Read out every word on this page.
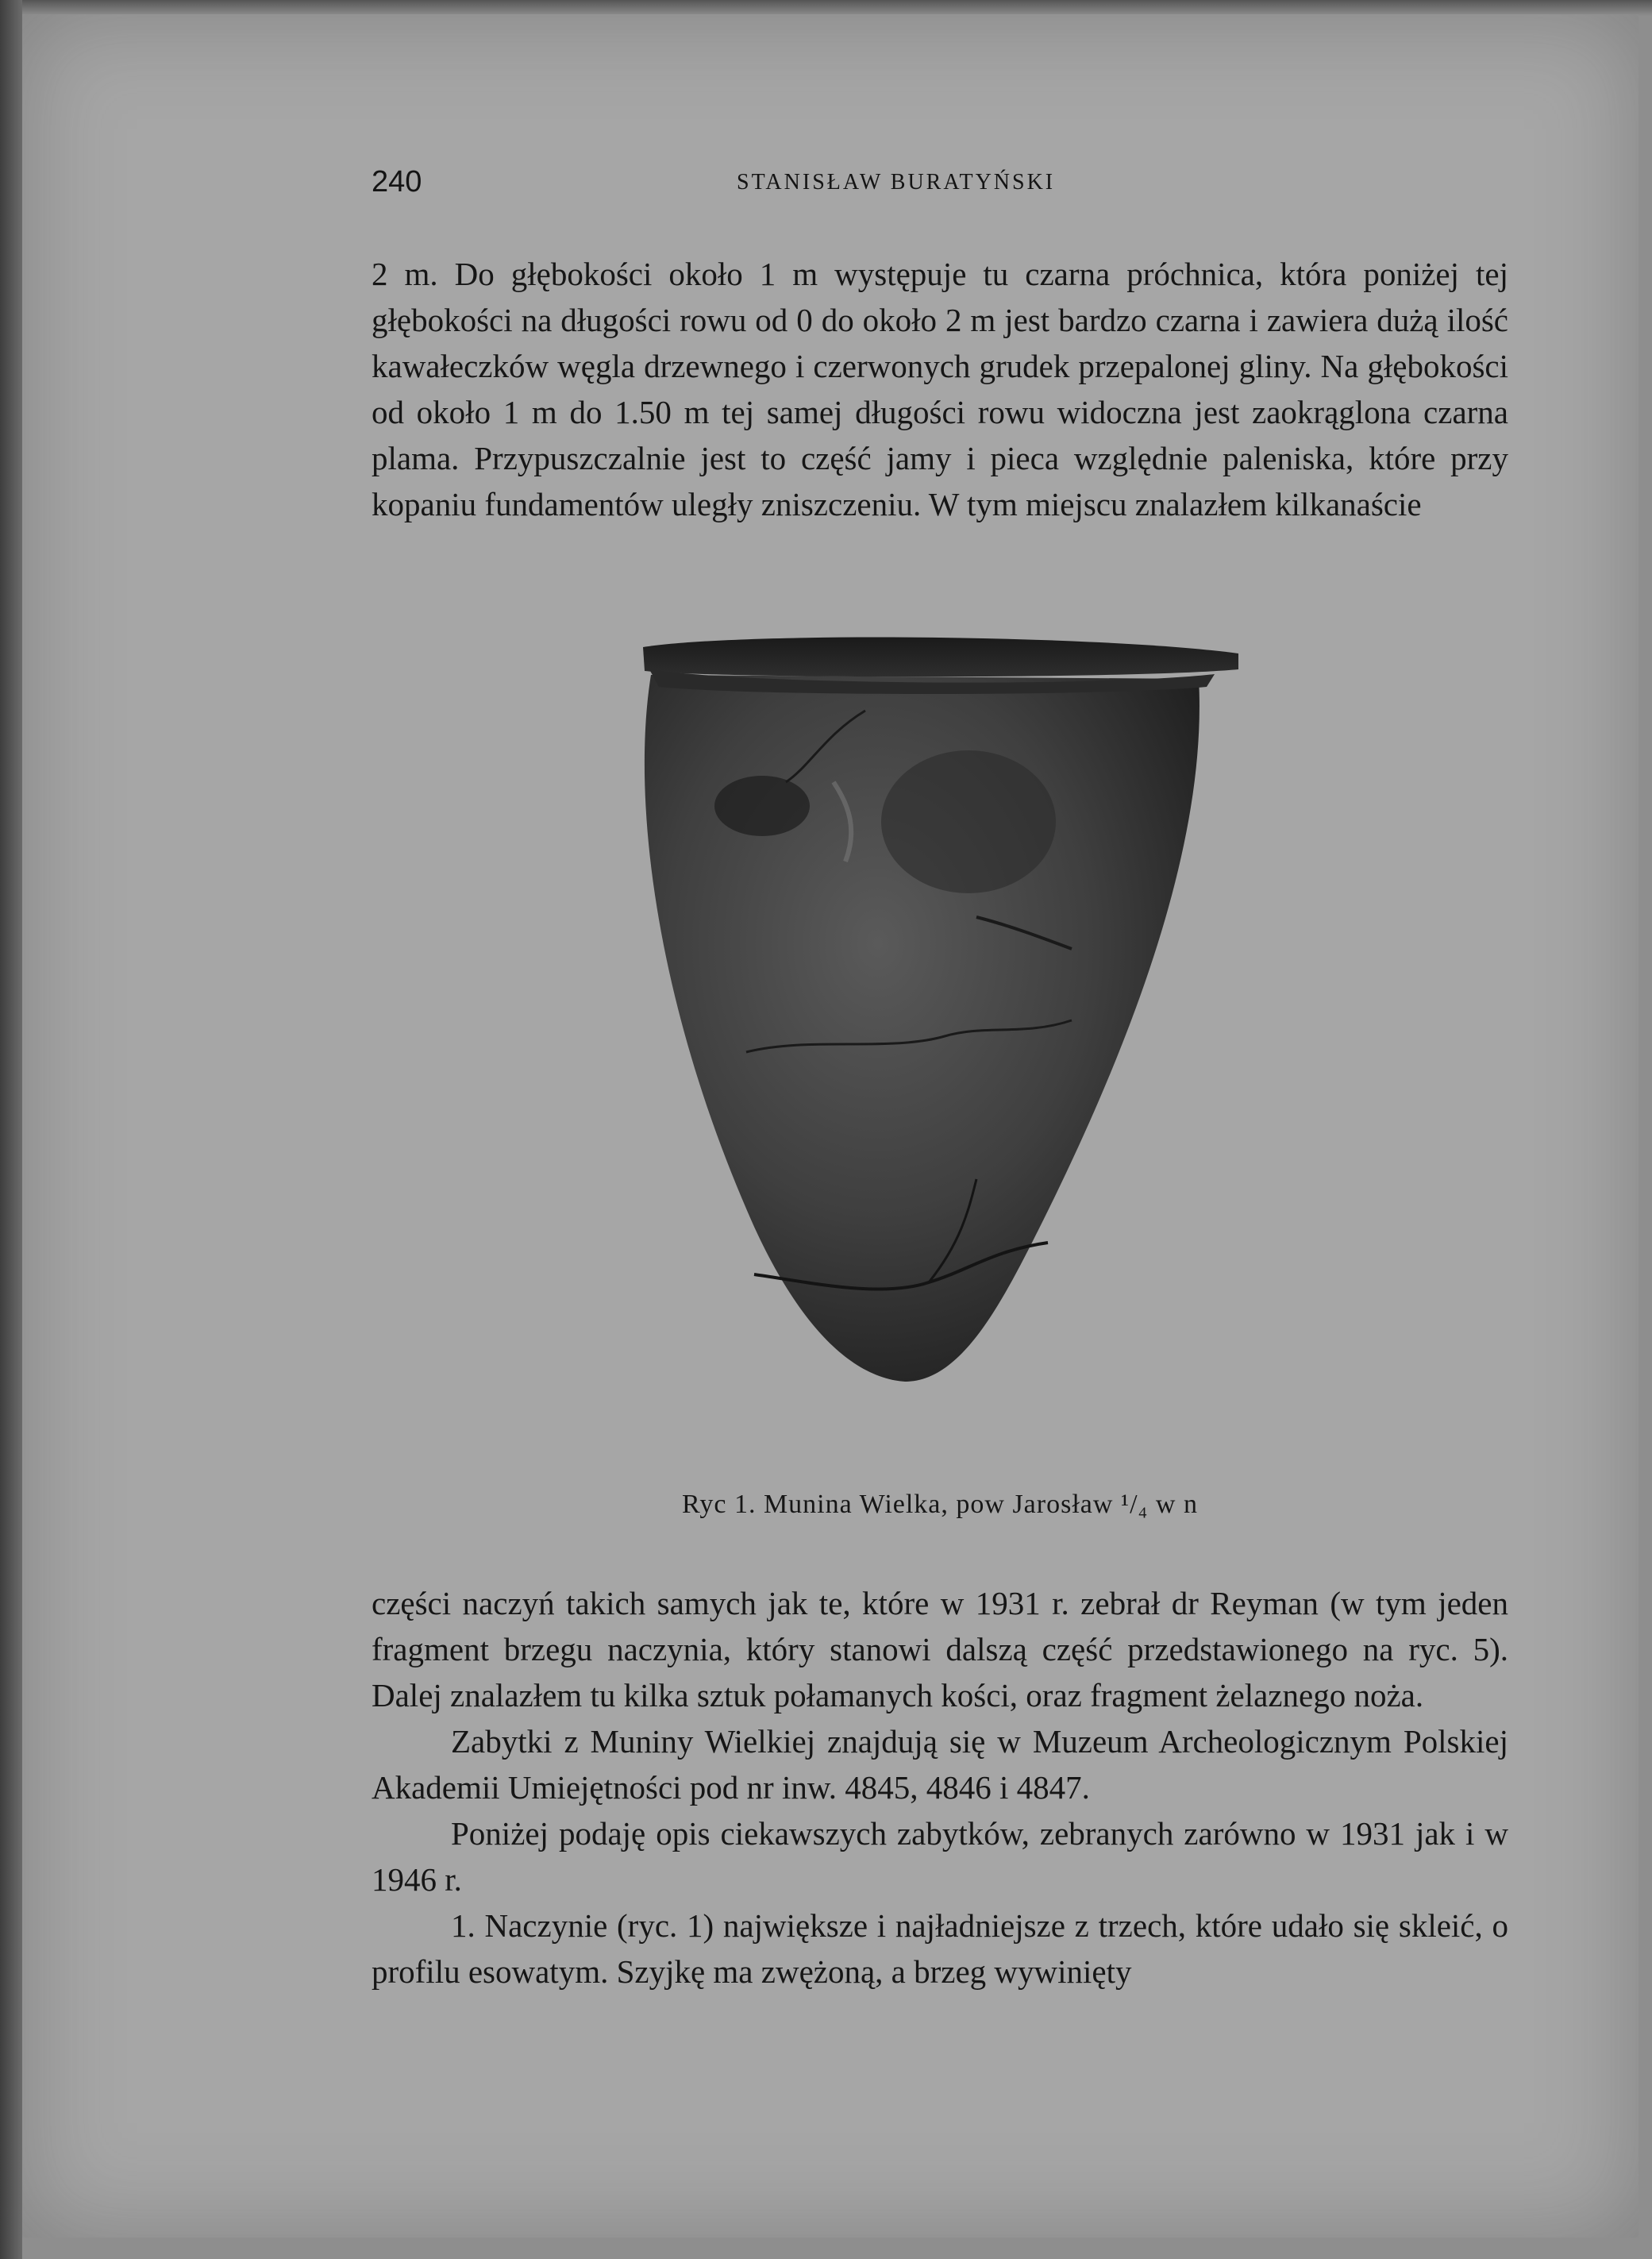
240	STANISŁAW BURATYŃSKI

2 m. Do głębokości około 1 m występuje tu czarna próchnica, która poniżej tej głębokości na długości rowu od 0 do około 2 m jest bardzo czarna i zawiera dużą ilość kawałeczków węgla drzewnego i czerwonych grudek przepalonej gliny. Na głębokości od około 1 m do 1.50 m tej samej długości rowu widoczna jest zaokrąglona czarna plama. Przypuszczalnie jest to część jamy i pieca względnie paleniska, które przy kopaniu fundamentów uległy zniszczeniu. W tym miejscu znalazłem kilkanaście

Ryc 1. Munina Wielka, pow Jarosław ¹/₄ w n

części naczyń takich samych jak te, które w 1931 r. zebrał dr Reyman (w tym jeden fragment brzegu naczynia, który stanowi dalszą część przedstawionego na ryc. 5). Dalej znalazłem tu kilka sztuk połamanych kości, oraz fragment żelaznego noża.

Zabytki z Muniny Wielkiej znajdują się w Muzeum Archeologicznym Polskiej Akademii Umiejętności pod nr inw. 4845, 4846 i 4847.

Poniżej podaję opis ciekawszych zabytków, zebranych zarówno w 1931 jak i w 1946 r.

1. Naczynie (ryc. 1) największe i najładniejsze z trzech, które udało się skleić, o profilu esowatym. Szyjkę ma zwężoną, a brzeg wywinięty
